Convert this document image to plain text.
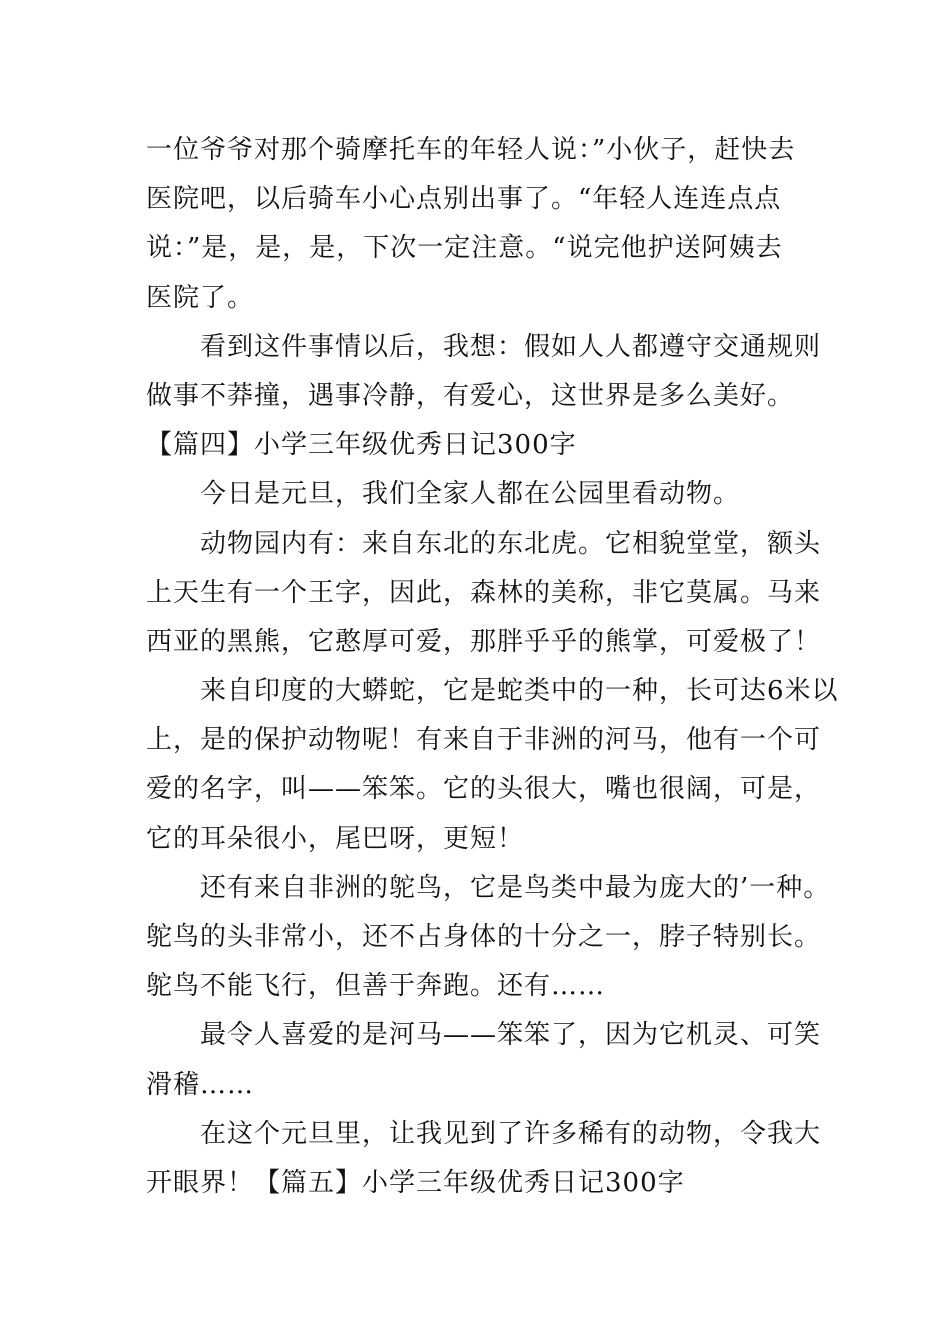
一位爷爷对那个骑摩托车的年轻人说：”小伙子，赶快去
医院吧，以后骑车小心点别出事了。“年轻人连连点点
说：”是，是，是，下次一定注意。“说完他护送阿姨去
医院了。
看到这件事情以后，我想：假如人人都遵守交通规则
做事不莽撞，遇事冷静，有爱心，这世界是多么美好。
【篇四】小学三年级优秀日记300字
今日是元旦，我们全家人都在公园里看动物。
动物园内有：来自东北的东北虎。它相貌堂堂，额头
上天生有一个王字，因此，森林的美称，非它莫属。马来
西亚的黑熊，它憨厚可爱，那胖乎乎的熊掌，可爱极了！
来自印度的大蟒蛇，它是蛇类中的一种，长可达6米以
上，是的保护动物呢！有来自于非洲的河马，他有一个可
爱的名字，叫——笨笨。它的头很大，嘴也很阔，可是，
它的耳朵很小，尾巴呀，更短！
还有来自非洲的鸵鸟，它是鸟类中最为庞大的’一种。
鸵鸟的头非常小，还不占身体的十分之一，脖子特别长。
鸵鸟不能飞行，但善于奔跑。还有……
最令人喜爱的是河马——笨笨了，因为它机灵、可笑
滑稽……
在这个元旦里，让我见到了许多稀有的动物，令我大
开眼界！【篇五】小学三年级优秀日记300字
